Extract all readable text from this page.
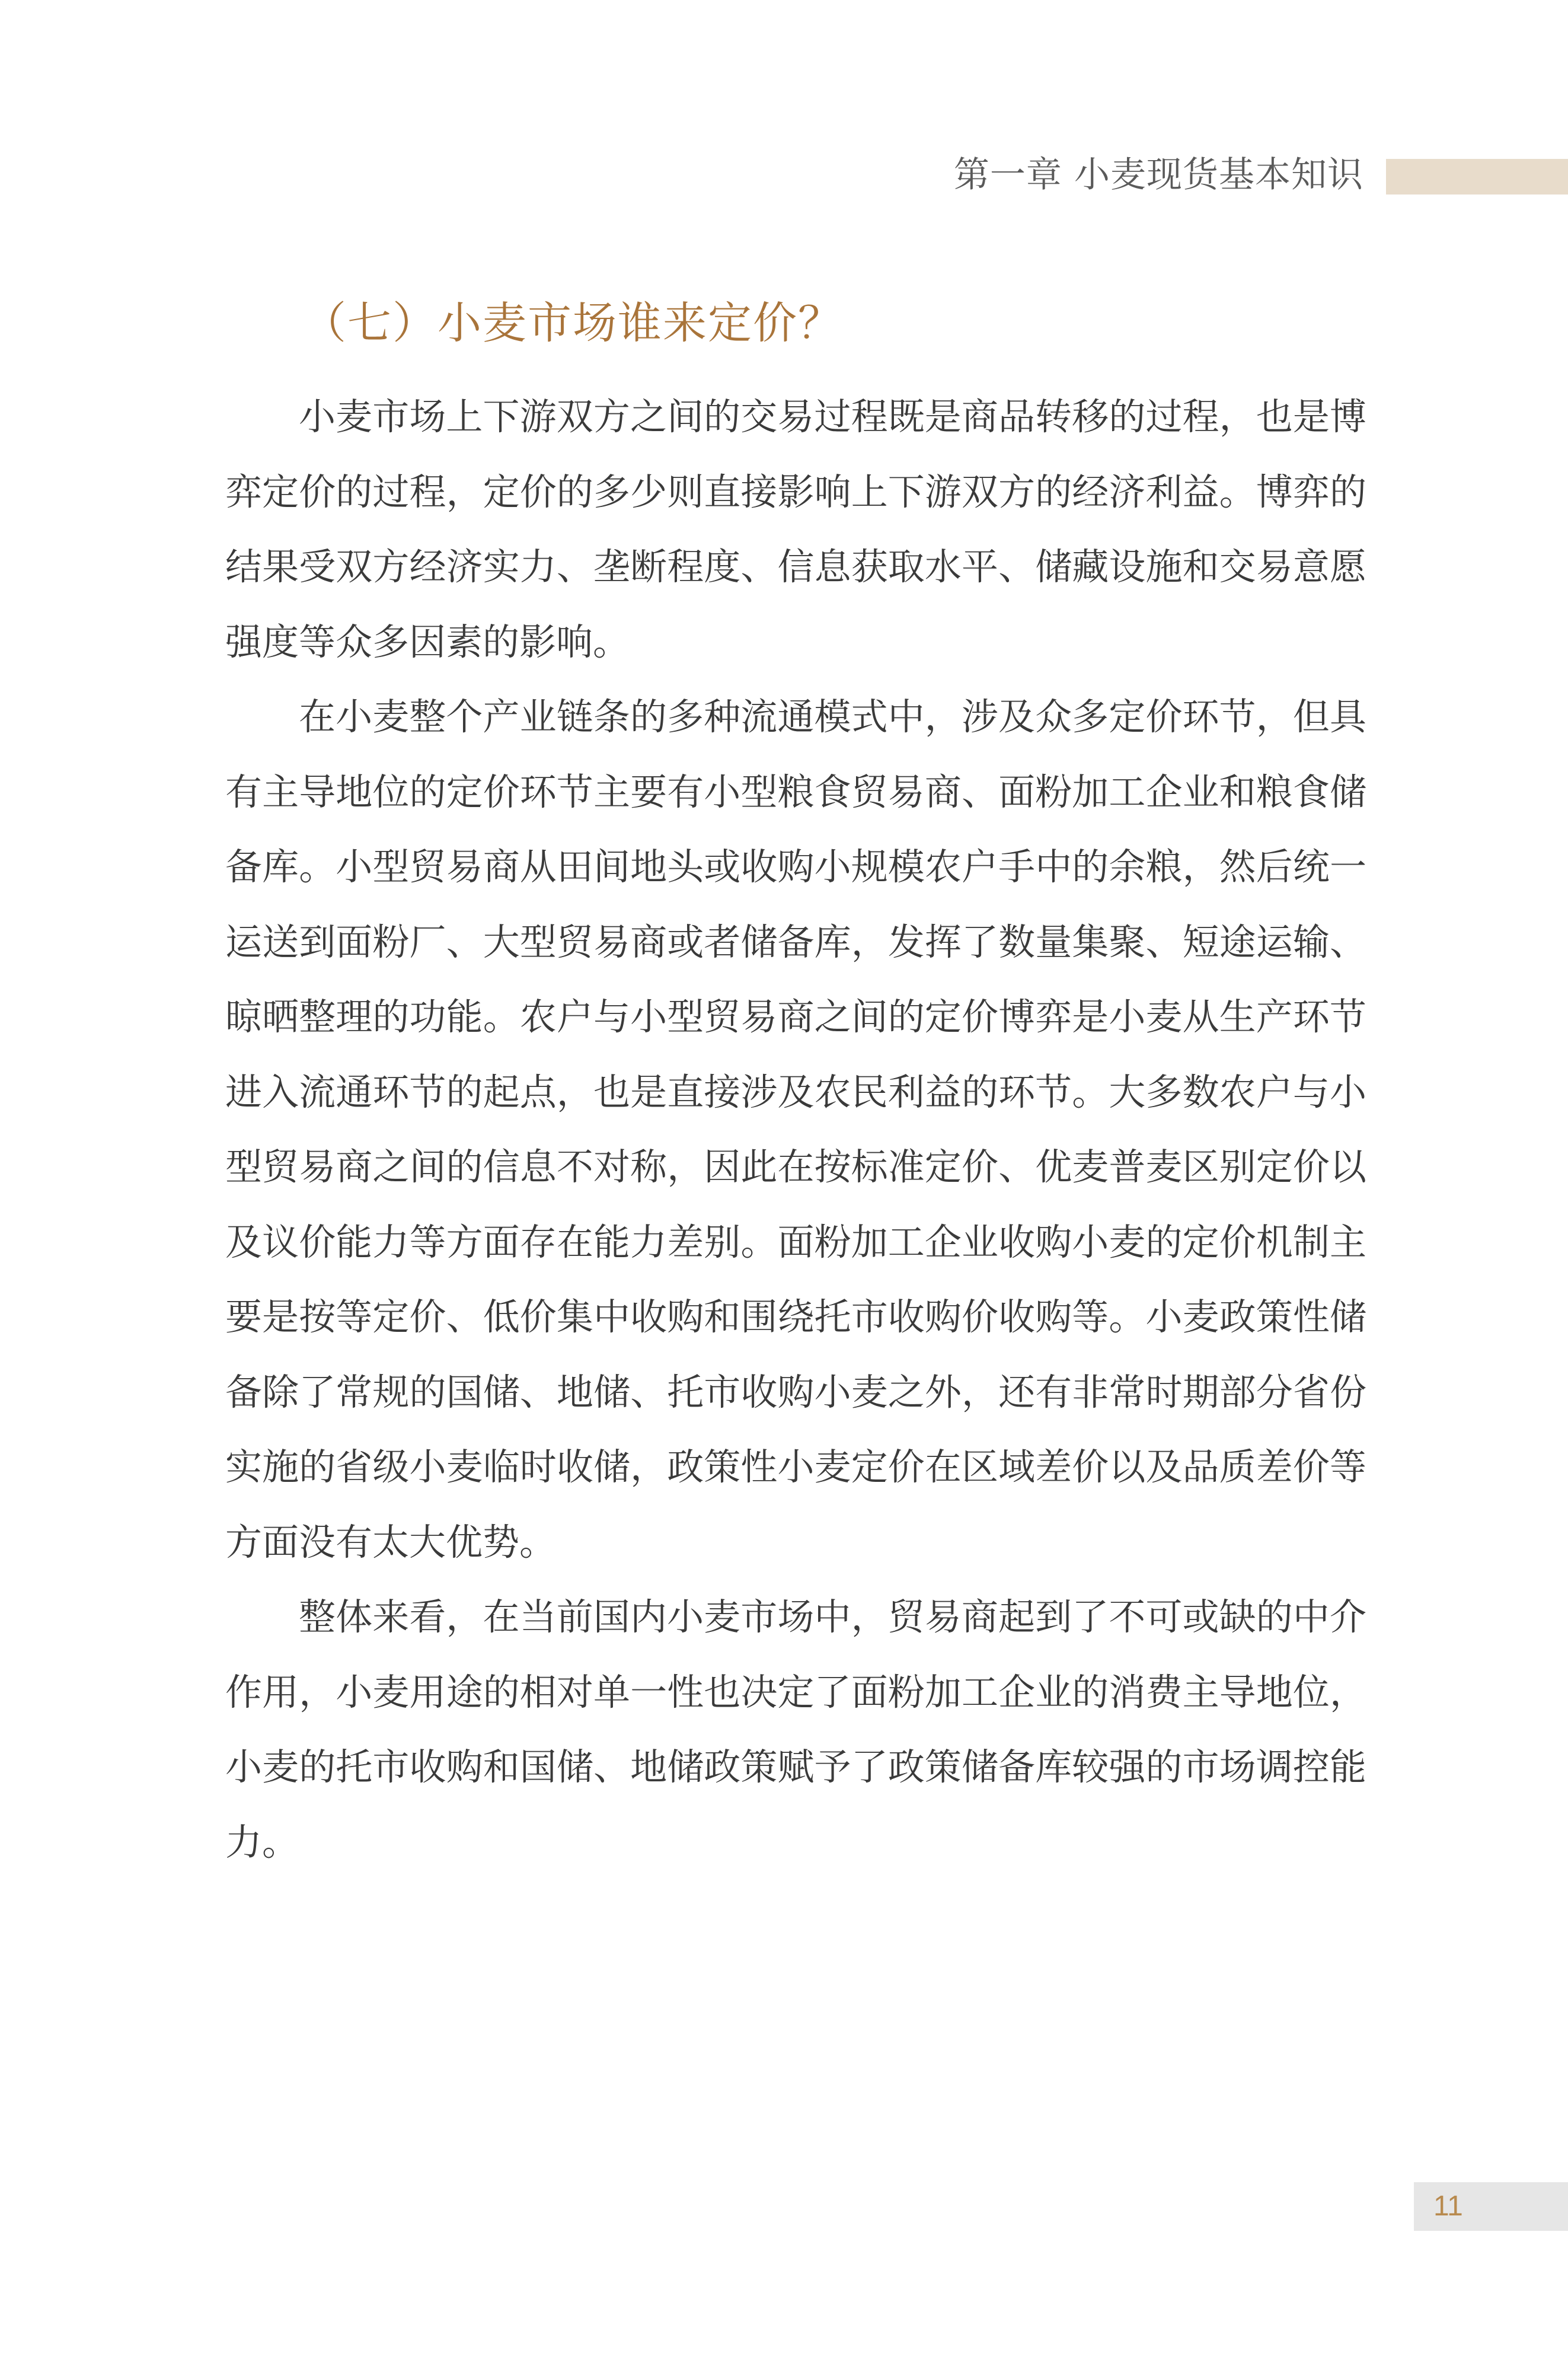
第一章 小麦现货基本知识
（七）小麦市场谁来定价？

小麦市场上下游双方之间的交易过程既是商品转移的过程，也是博弈定价的过程，定价的多少则直接影响上下游双方的经济利益。博弈的结果受双方经济实力、垄断程度、信息获取水平、储藏设施和交易意愿强度等众多因素的影响。

在小麦整个产业链条的多种流通模式中，涉及众多定价环节，但具有主导地位的定价环节主要有小型粮食贸易商、面粉加工企业和粮食储备库。小型贸易商从田间地头或收购小规模农户手中的余粮，然后统一运送到面粉厂、大型贸易商或者储备库，发挥了数量集聚、短途运输、晾晒整理的功能。农户与小型贸易商之间的定价博弈是小麦从生产环节进入流通环节的起点，也是直接涉及农民利益的环节。大多数农户与小型贸易商之间的信息不对称，因此在按标准定价、优麦普麦区别定价以及议价能力等方面存在能力差别。面粉加工企业收购小麦的定价机制主要是按等定价、低价集中收购和围绕托市收购价收购等。小麦政策性储备除了常规的国储、地储、托市收购小麦之外，还有非常时期部分省份实施的省级小麦临时收储，政策性小麦定价在区域差价以及品质差价等方面没有太大优势。

整体来看，在当前国内小麦市场中，贸易商起到了不可或缺的中介作用，小麦用途的相对单一性也决定了面粉加工企业的消费主导地位，小麦的托市收购和国储、地储政策赋予了政策储备库较强的市场调控能力。

11
